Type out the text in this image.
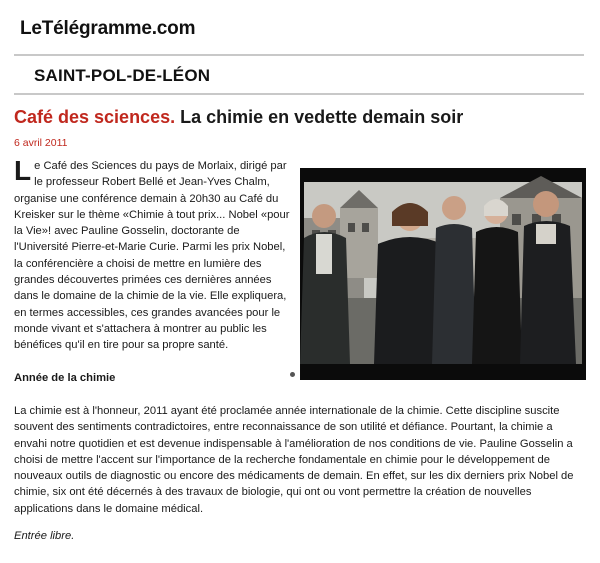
LeTélégramme.com
SAINT-POL-DE-LÉON
Café des sciences. La chimie en vedette demain soir
6 avril 2011
Le Café des Sciences du pays de Morlaix, dirigé par le professeur Robert Bellé et Jean-Yves Chalm, organise une conférence demain à 20h30 au Café du Kreisker sur le thème «Chimie à tout prix... Nobel «pour la Vie»! avec Pauline Gosselin, doctorante de l'Université Pierre-et-Marie Curie. Parmi les prix Nobel, la conférencière a choisi de mettre en lumière des grandes découvertes primées ces dernières années dans le domaine de la chimie de la vie. Elle expliquera, en termes accessibles, ces grandes avancées pour le monde vivant et s'attachera à montrer au public les bénéfices qu'il en tire pour sa propre santé.
Année de la chimie
La chimie est à l'honneur, 2011 ayant été proclamée année internationale de la chimie. Cette discipline suscite souvent des sentiments contradictoires, entre reconnaissance de son utilité et défiance. Pourtant, la chimie a envahi notre quotidien et est devenue indispensable à l'amélioration de nos conditions de vie. Pauline Gosselin a choisi de mettre l'accent sur l'importance de la recherche fondamentale en chimie pour le développement de nouveaux outils de diagnostic ou encore des médicaments de demain. En effet, sur les dix derniers prix Nobel de chimie, six ont été décernés à des travaux de biologie, qui ont ou vont permettre la création de nouvelles applications dans le domaine médical.
Entrée libre.
